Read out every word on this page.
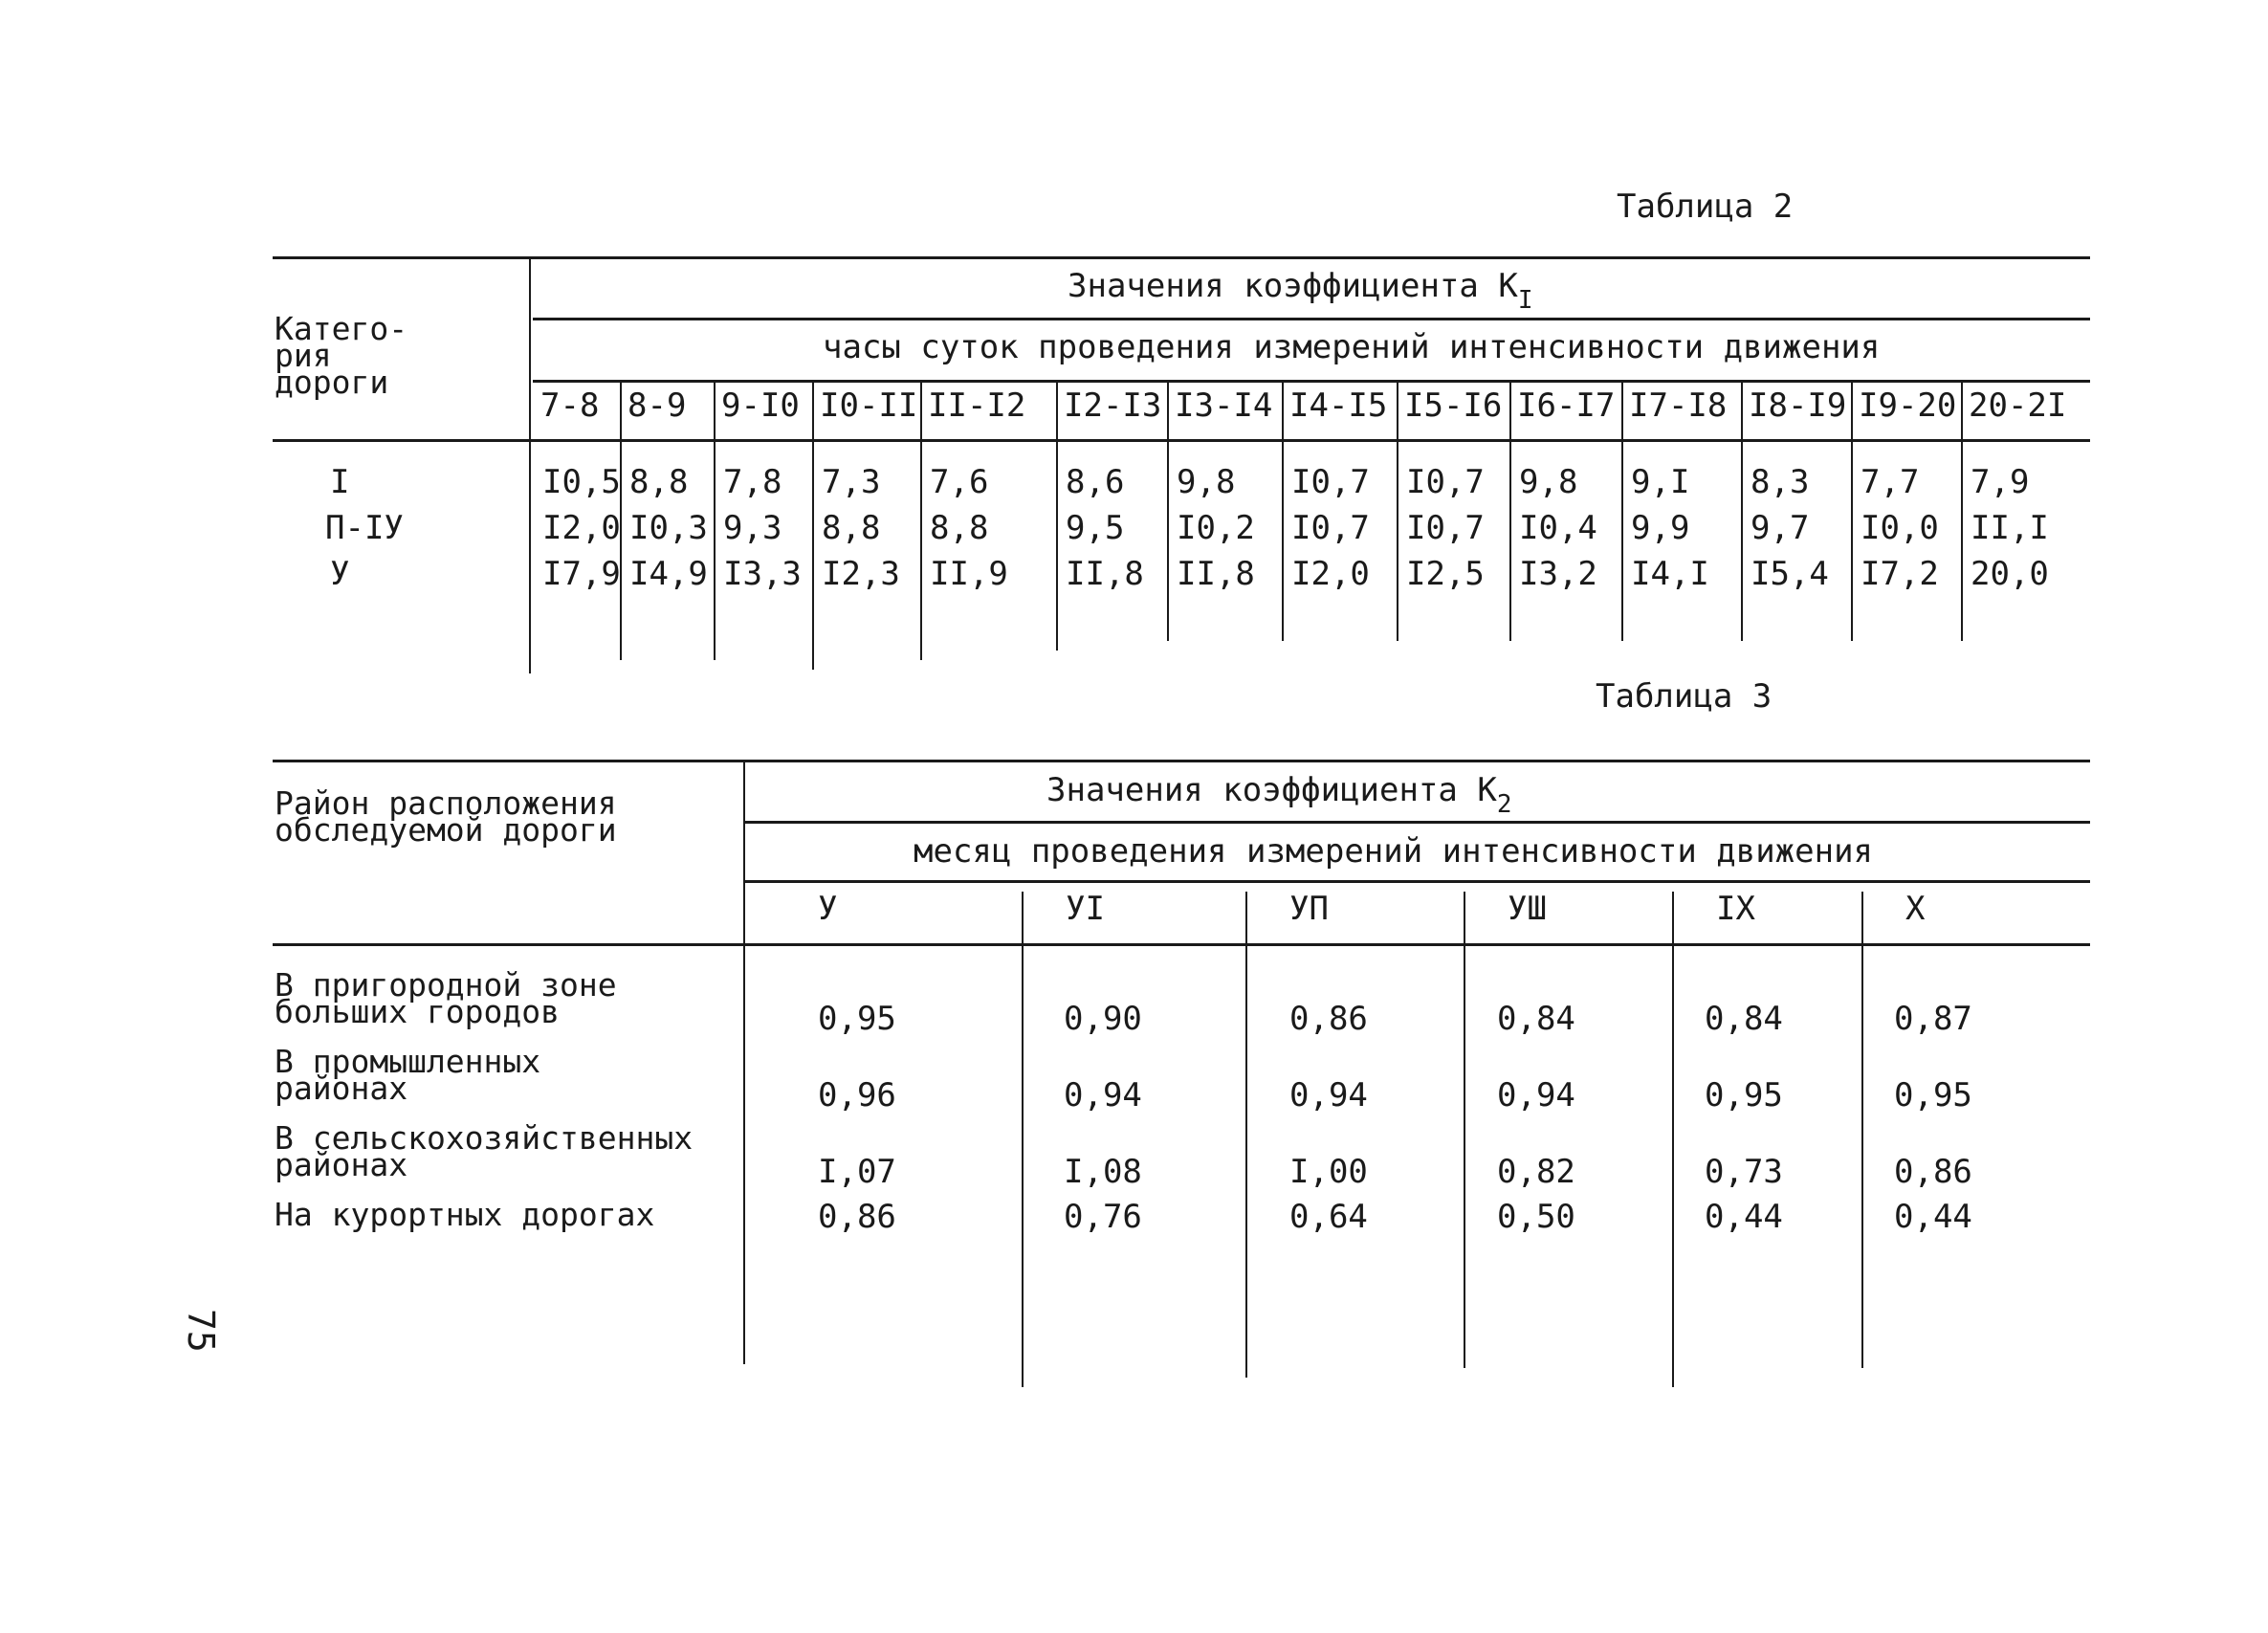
Таблица 2
Катего-
рия
дороги
Значения коэффициента $К_I$
часы суток проведения измерений интенсивности движения
7-8 8-9 9-I0 I0-II II-I2 I2-I3 I3-I4 I4-I5 I5-I6 I6-I7 I7-I8 I8-I9 I9-20 20-2I
I	I0,5 8,8 7,8 7,3 7,6 8,6 9,8 I0,7 I0,7 9,8 9,I 8,3 7,7 7,9
П-IУ	I2,0 I0,3 9,3 8,8 8,8 9,5 I0,2 I0,7 I0,7 I0,4 9,9 9,7 I0,0 II,I
У	I7,9 I4,9 I3,3 I2,3 II,9 II,8 II,8 I2,0 I2,5 I3,2 I4,I I5,4 I7,2 20,0
Таблица 3
Район расположения
обследуемой дороги
Значения коэффициента $К_2$
месяц проведения измерений интенсивности движения
У	УI	УП	УШ	IX	X
В пригородной зоне
больших городов	0,95	0,90	0,86	0,84	0,84	0,87
В промышленных
районах	0,96	0,94	0,94	0,94	0,95	0,95
В сельскохозяйственных
районах	I,07	I,08	I,00	0,82	0,73	0,86
На курортных дорогах	0,86	0,76	0,64	0,50	0,44	0,44
75
